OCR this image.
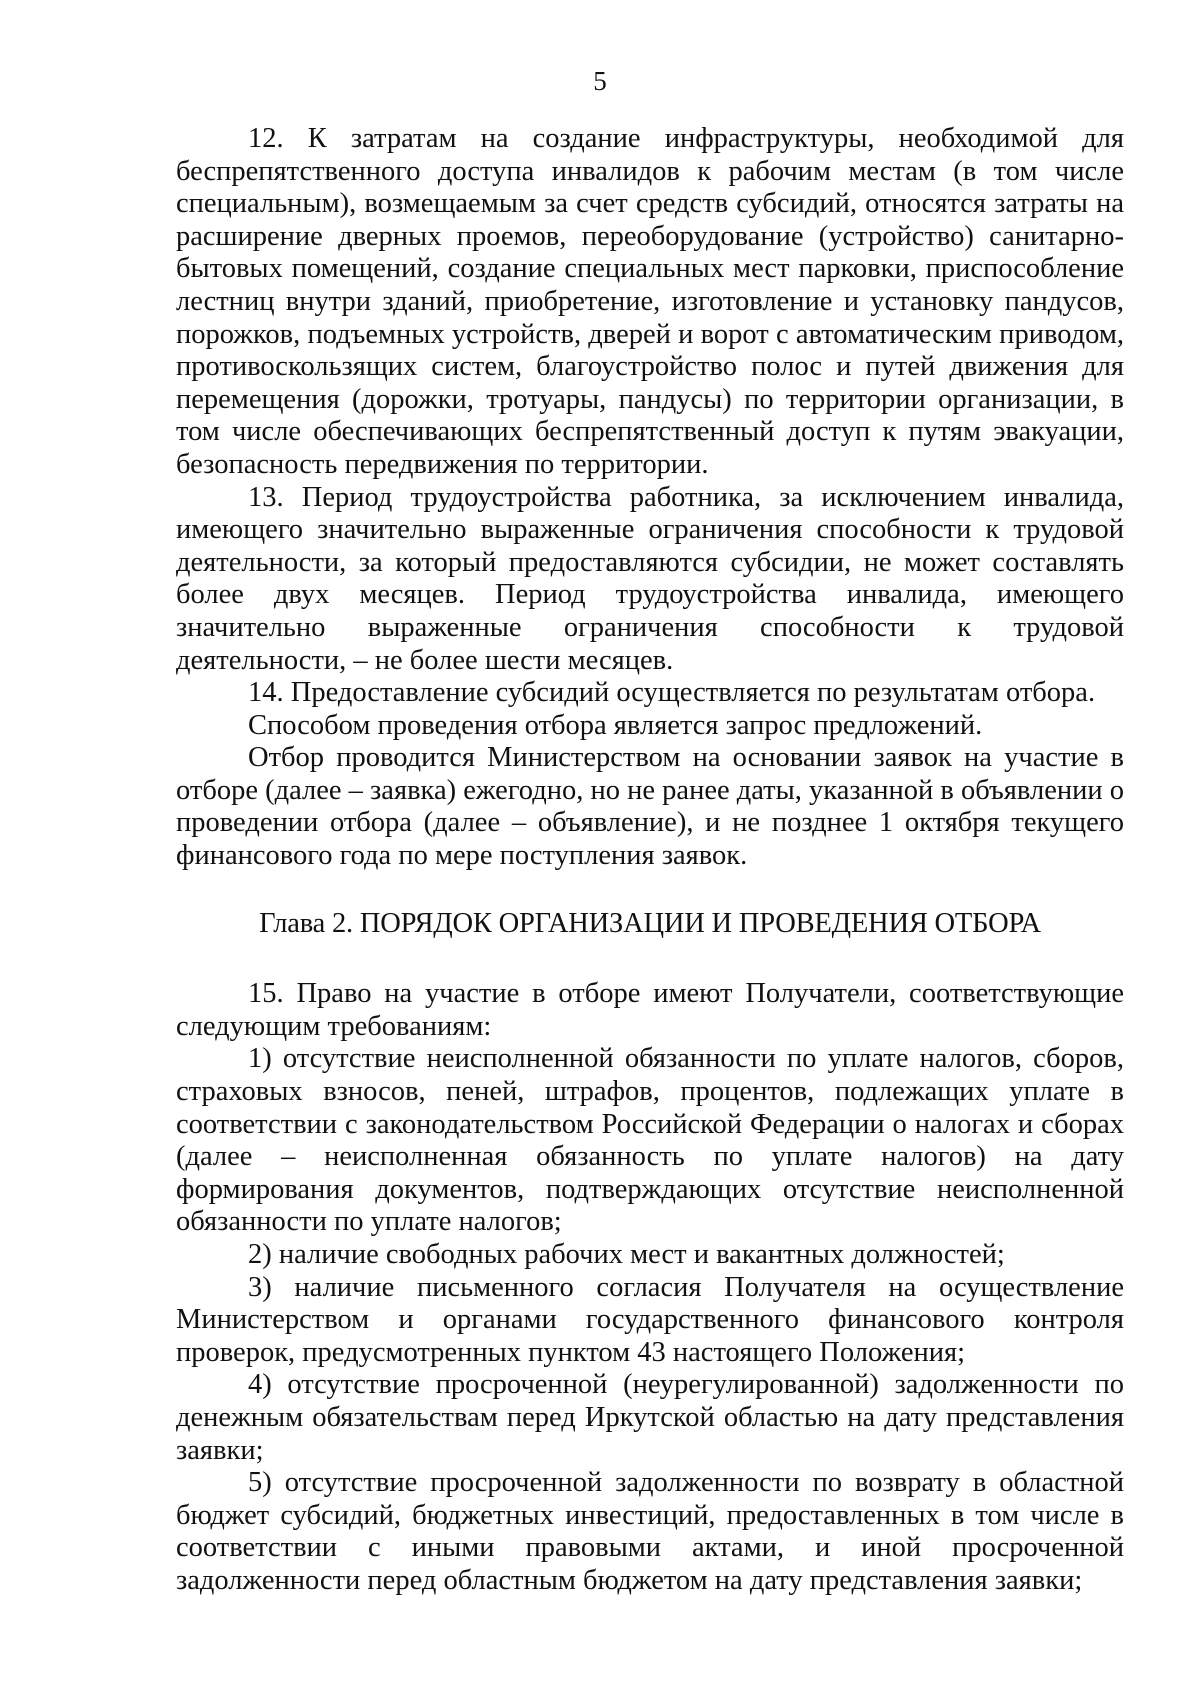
5

12. К затратам на создание инфраструктуры, необходимой для беспрепятственного доступа инвалидов к рабочим местам (в том числе специальным), возмещаемым за счет средств субсидий, относятся затраты на расширение дверных проемов, переоборудование (устройство) санитарно-бытовых помещений, создание специальных мест парковки, приспособление лестниц внутри зданий, приобретение, изготовление и установку пандусов, порожков, подъемных устройств, дверей и ворот с автоматическим приводом, противоскользящих систем, благоустройство полос и путей движения для перемещения (дорожки, тротуары, пандусы) по территории организации, в том числе обеспечивающих беспрепятственный доступ к путям эвакуации, безопасность передвижения по территории.

13. Период трудоустройства работника, за исключением инвалида, имеющего значительно выраженные ограничения способности к трудовой деятельности, за который предоставляются субсидии, не может составлять более двух месяцев. Период трудоустройства инвалида, имеющего значительно выраженные ограничения способности к трудовой деятельности, – не более шести месяцев.

14. Предоставление субсидий осуществляется по результатам отбора.

Способом проведения отбора является запрос предложений.

Отбор проводится Министерством на основании заявок на участие в отборе (далее – заявка) ежегодно, но не ранее даты, указанной в объявлении о проведении отбора (далее – объявление), и не позднее 1 октября текущего финансового года по мере поступления заявок.

Глава 2. ПОРЯДОК ОРГАНИЗАЦИИ И ПРОВЕДЕНИЯ ОТБОРА

15. Право на участие в отборе имеют Получатели, соответствующие следующим требованиям:

1) отсутствие неисполненной обязанности по уплате налогов, сборов, страховых взносов, пеней, штрафов, процентов, подлежащих уплате в соответствии с законодательством Российской Федерации о налогах и сборах (далее – неисполненная обязанность по уплате налогов) на дату формирования документов, подтверждающих отсутствие неисполненной обязанности по уплате налогов;

2) наличие свободных рабочих мест и вакантных должностей;

3) наличие письменного согласия Получателя на осуществление Министерством и органами государственного финансового контроля проверок, предусмотренных пунктом 43 настоящего Положения;

4) отсутствие просроченной (неурегулированной) задолженности по денежным обязательствам перед Иркутской областью на дату представления заявки;

5) отсутствие просроченной задолженности по возврату в областной бюджет субсидий, бюджетных инвестиций, предоставленных в том числе в соответствии с иными правовыми актами, и иной просроченной задолженности перед областным бюджетом на дату представления заявки;
